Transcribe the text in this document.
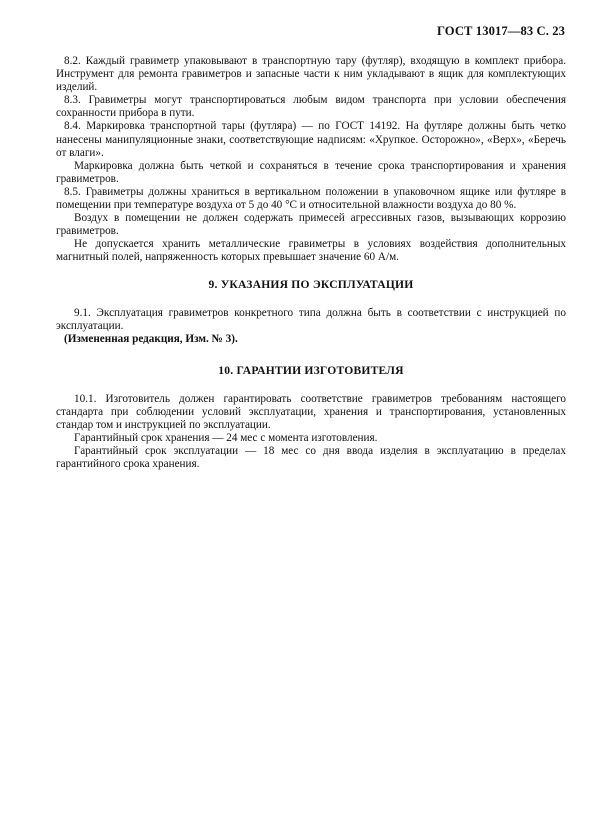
ГОСТ 13017—83 С. 23

8.2. Каждый гравиметр упаковывают в транспортную тару (футляр), входящую в комплект прибора. Инструмент для ремонта гравиметров и запасные части к ним укладывают в ящик для комплектующих изделий.

8.3. Гравиметры могут транспортироваться любым видом транспорта при условии обеспечения сохранности прибора в пути.

8.4. Маркировка транспортной тары (футляра) — по ГОСТ 14192. На футляре должны быть четко нанесены манипуляционные знаки, соответствующие надписям: «Хрупкое. Осторожно», «Верх», «Беречь от влаги».

Маркировка должна быть четкой и сохраняться в течение срока транспортирования и хранения гравиметров.

8.5. Гравиметры должны храниться в вертикальном положении в упаковочном ящике или футляре в помещении при температуре воздуха от 5 до 40 °С и относительной влажности воздуха до 80 %.

Воздух в помещении не должен содержать примесей агрессивных газов, вызывающих коррозию гравиметров.

Не допускается хранить металлические гравиметры в условиях воздействия дополнительных магнитный полей, напряженность которых превышает значение 60 А/м.

9. УКАЗАНИЯ ПО ЭКСПЛУАТАЦИИ

9.1. Эксплуатация гравиметров конкретного типа должна быть в соответствии с инструкцией по эксплуатации.

(Измененная редакция, Изм. № 3).

10. ГАРАНТИИ ИЗГОТОВИТЕЛЯ

10.1. Изготовитель должен гарантировать соответствие гравиметров требованиям настоящего стандарта при соблюдении условий эксплуатации, хранения и транспортирования, установленных стандар том и инструкцией по эксплуатации.

Гарантийный срок хранения — 24 мес с момента изготовления.

Гарантийный срок эксплуатации — 18 мес со дня ввода изделия в эксплуатацию в пределах гарантийного срока хранения.
